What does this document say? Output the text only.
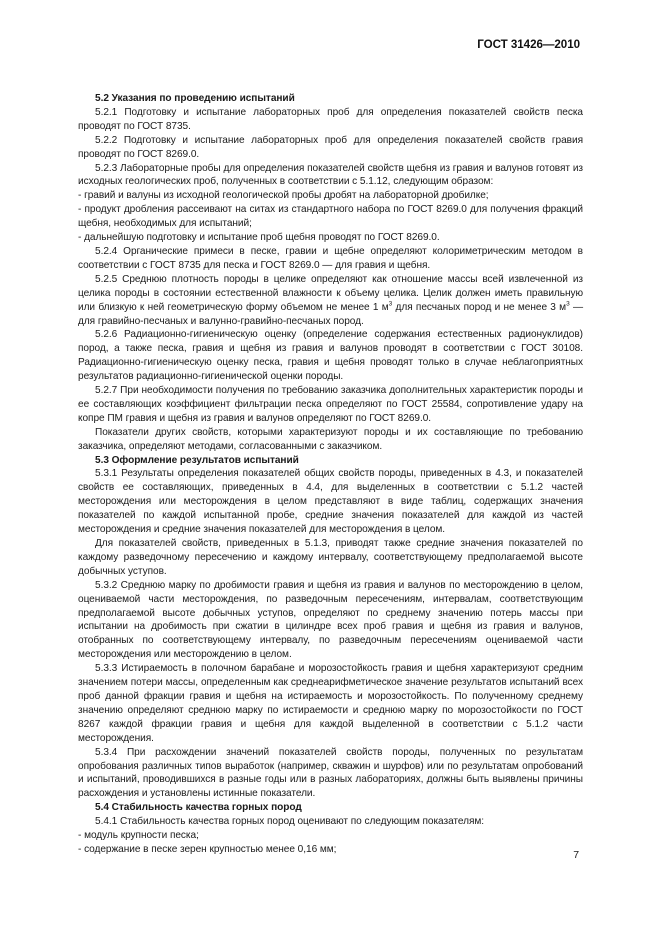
ГОСТ 31426—2010

5.2 Указания по проведению испытаний

5.2.1 Подготовку и испытание лабораторных проб для определения показателей свойств песка проводят по ГОСТ 8735.

5.2.2 Подготовку и испытание лабораторных проб для определения показателей свойств гравия проводят по ГОСТ 8269.0.

5.2.3 Лабораторные пробы для определения показателей свойств щебня из гравия и валунов готовят из исходных геологических проб, полученных в соответствии с 5.1.12, следующим образом:

- гравий и валуны из исходной геологической пробы дробят на лабораторной дробилке;

- продукт дробления рассеивают на ситах из стандартного набора по ГОСТ 8269.0 для получения фракций щебня, необходимых для испытаний;

- дальнейшую подготовку и испытание проб щебня проводят по ГОСТ 8269.0.

5.2.4 Органические примеси в песке, гравии и щебне определяют колориметрическим методом в соответствии с ГОСТ 8735 для песка и ГОСТ 8269.0 — для гравия и щебня.

5.2.5 Среднюю плотность породы в целике определяют как отношение массы всей извлеченной из целика породы в состоянии естественной влажности к объему целика. Целик должен иметь правильную или близкую к ней геометрическую форму объемом не менее 1 $м^3$ для песчаных пород и не менее 3 $м^3$ — для гравийно-песчаных и валунно-гравийно-песчаных пород.

5.2.6 Радиационно-гигиеническую оценку (определение содержания естественных радионуклидов) пород, а также песка, гравия и щебня из гравия и валунов проводят в соответствии с ГОСТ 30108. Радиационно-гигиеническую оценку песка, гравия и щебня проводят только в случае неблагоприятных результатов радиационно-гигиенической оценки породы.

5.2.7 При необходимости получения по требованию заказчика дополнительных характеристик породы и ее составляющих коэффициент фильтрации песка определяют по ГОСТ 25584, сопротивление удару на копре ПМ гравия и щебня из гравия и валунов определяют по ГОСТ 8269.0.

Показатели других свойств, которыми характеризуют породы и их составляющие по требованию заказчика, определяют методами, согласованными с заказчиком.

5.3 Оформление результатов испытаний

5.3.1 Результаты определения показателей общих свойств породы, приведенных в 4.3, и показателей свойств ее составляющих, приведенных в 4.4, для выделенных в соответствии с 5.1.2 частей месторождения или месторождения в целом представляют в виде таблиц, содержащих значения показателей по каждой испытанной пробе, средние значения показателей для каждой из частей месторождения и средние значения показателей для месторождения в целом.

Для показателей свойств, приведенных в 5.1.3, приводят также средние значения показателей по каждому разведочному пересечению и каждому интервалу, соответствующему предполагаемой высоте добычных уступов.

5.3.2 Среднюю марку по дробимости гравия и щебня из гравия и валунов по месторождению в целом, оцениваемой части месторождения, по разведочным пересечениям, интервалам, соответствующим предполагаемой высоте добычных уступов, определяют по среднему значению потерь массы при испытании на дробимость при сжатии в цилиндре всех проб гравия и щебня из гравия и валунов, отобранных по соответствующему интервалу, по разведочным пересечениям оцениваемой части месторождения или месторождению в целом.

5.3.3 Истираемость в полочном барабане и морозостойкость гравия и щебня характеризуют средним значением потери массы, определенным как среднеарифметическое значение результатов испытаний всех проб данной фракции гравия и щебня на истираемость и морозостойкость. По полученному среднему значению определяют среднюю марку по истираемости и среднюю марку по морозостойкости по ГОСТ 8267 каждой фракции гравия и щебня для каждой выделенной в соответствии с 5.1.2 части месторождения.

5.3.4 При расхождении значений показателей свойств породы, полученных по результатам опробования различных типов выработок (например, скважин и шурфов) или по результатам опробований и испытаний, проводившихся в разные годы или в разных лабораториях, должны быть выявлены причины расхождения и установлены истинные показатели.

5.4 Стабильность качества горных пород

5.4.1 Стабильность качества горных пород оценивают по следующим показателям:

- модуль крупности песка;

- содержание в песке зерен крупностью менее 0,16 мм;	7
